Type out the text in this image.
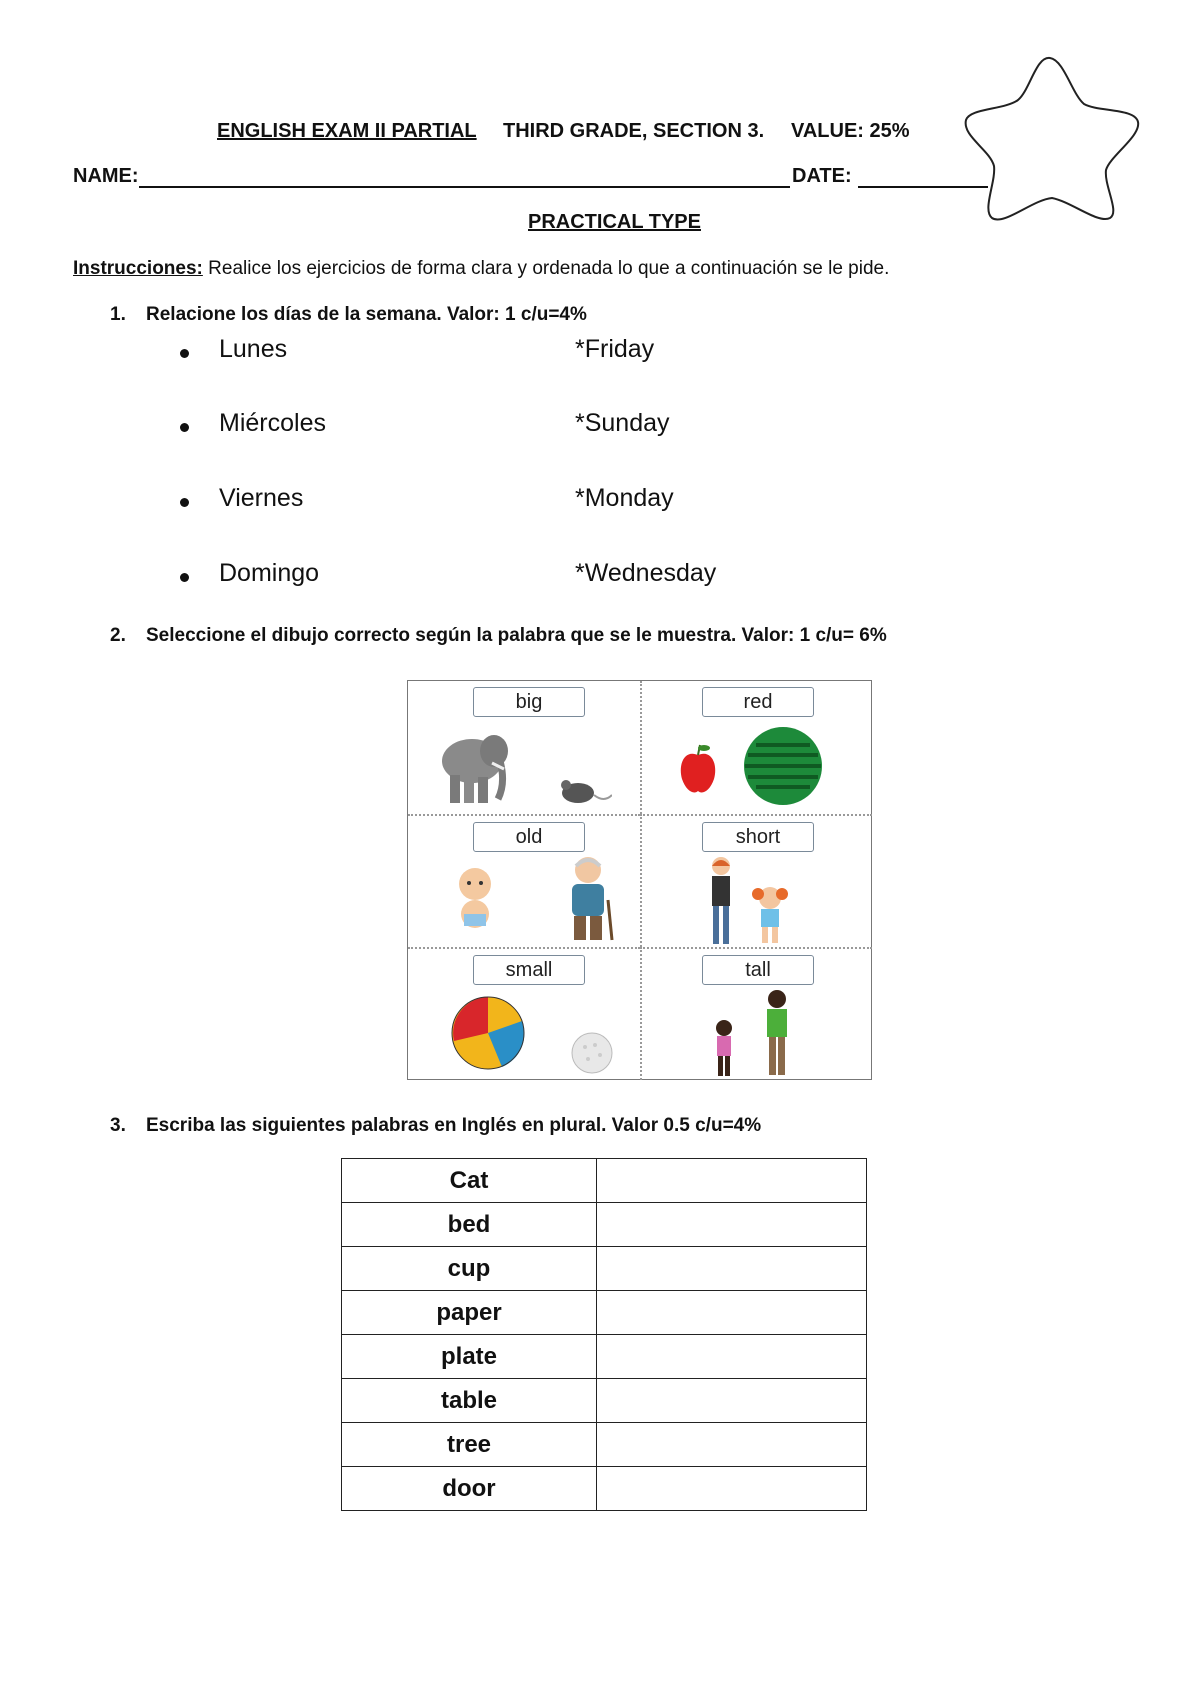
ENGLISH EXAM II PARTIAL THIRD GRADE, SECTION 3. VALUE: 25%
NAME:	DATE:
PRACTICAL TYPE
Instrucciones: Realice los ejercicios de forma clara y ordenada lo que a continuación se le pide.
1. Relacione los días de la semana. Valor: 1 c/u=4%
Lunes	*Friday
Miércoles	*Sunday
Viernes	*Monday
Domingo	*Wednesday
2. Seleccione el dibujo correcto según la palabra que se le muestra. Valor: 1 c/u= 6%
big	red
old	short
small	tall
3. Escriba las siguientes palabras en Inglés en plural. Valor 0.5 c/u=4%
Cat	
bed	
cup	
paper	
plate	
table	
tree	
door	
